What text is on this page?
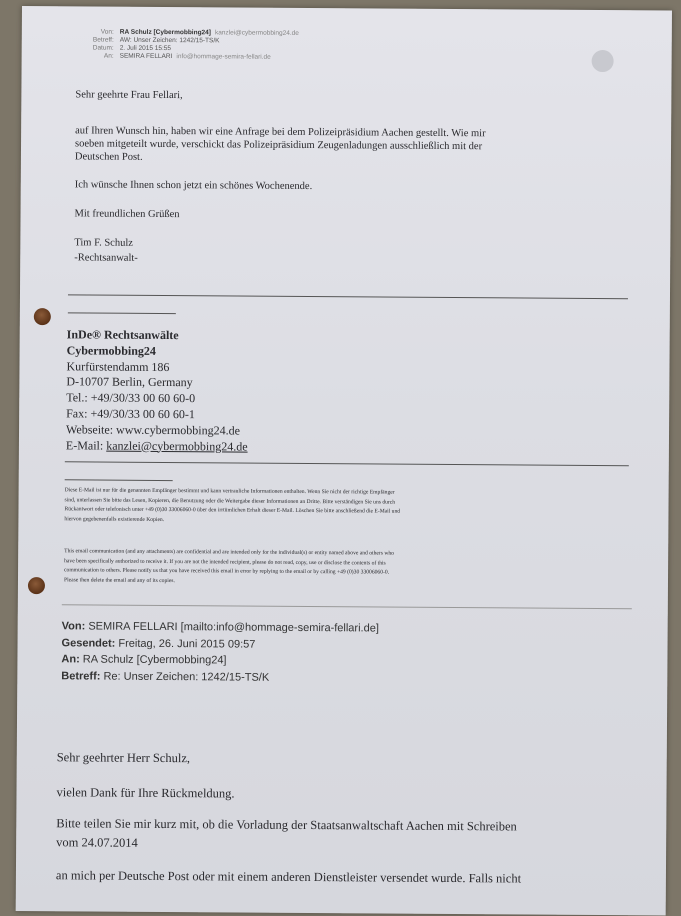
Von: RA Schulz [Cybermobbing24] kanzlei@cybermobbing24.de
Betreff: AW: Unser Zeichen: 1242/15-TS/K
Datum: 2. Juli 2015 15:55
An: SEMIRA FELLARI info@hommage-semira-fellari.de
Sehr geehrte Frau Fellari,
auf Ihren Wunsch hin, haben wir eine Anfrage bei dem Polizeipräsidium Aachen gestellt. Wie mir
soeben mitgeteilt wurde, verschickt das Polizeipräsidium Zeugenladungen ausschließlich mit der
Deutschen Post.
Ich wünsche Ihnen schon jetzt ein schönes Wochenende.
Mit freundlichen Grüßen
Tim F. Schulz
-Rechtsanwalt-
InDe® Rechtsanwälte
Cybermobbing24
Kurfürstendamm 186
D-10707 Berlin, Germany
Tel.: +49/30/33 00 60 60-0
Fax: +49/30/33 00 60 60-1
Webseite: www.cybermobbing24.de
E-Mail: kanzlei@cybermobbing24.de
Diese E-Mail ist nur für die genannten Empfänger bestimmt und kann vertrauliche Informationen enthalten. Wenn Sie nicht der richtige Empfänger
sind, unterlassen Sie bitte das Lesen, Kopieren, die Benutzung oder die Weitergabe dieser Informationen an Dritte. Bitte verständigen Sie uns durch
Rückantwort oder telefonisch unter +49 (0)30 33006060-0 über den irrtümlichen Erhalt dieser E-Mail. Löschen Sie bitte anschließend die E-Mail und
hiervon gegebenenfalls existierende Kopien.
This email communication (and any attachments) are confidential and are intended only for the individual(s) or entity named above and others who
have been specifically authorized to receive it. If you are not the intended recipient, please do not read, copy, use or disclose the contents of this
communication to others. Please notify us that you have received this email in error by replying to the email or by calling +49 (0)30 33006060-0.
Please then delete the email and any of its copies.
Von: SEMIRA FELLARI [mailto:info@hommage-semira-fellari.de]
Gesendet: Freitag, 26. Juni 2015 09:57
An: RA Schulz [Cybermobbing24]
Betreff: Re: Unser Zeichen: 1242/15-TS/K
Sehr geehrter Herr Schulz,
vielen Dank für Ihre Rückmeldung.
Bitte teilen Sie mir kurz mit, ob die Vorladung der Staatsanwaltschaft Aachen mit Schreiben
vom 24.07.2014
an mich per Deutsche Post oder mit einem anderen Dienstleister versendet wurde. Falls nicht
